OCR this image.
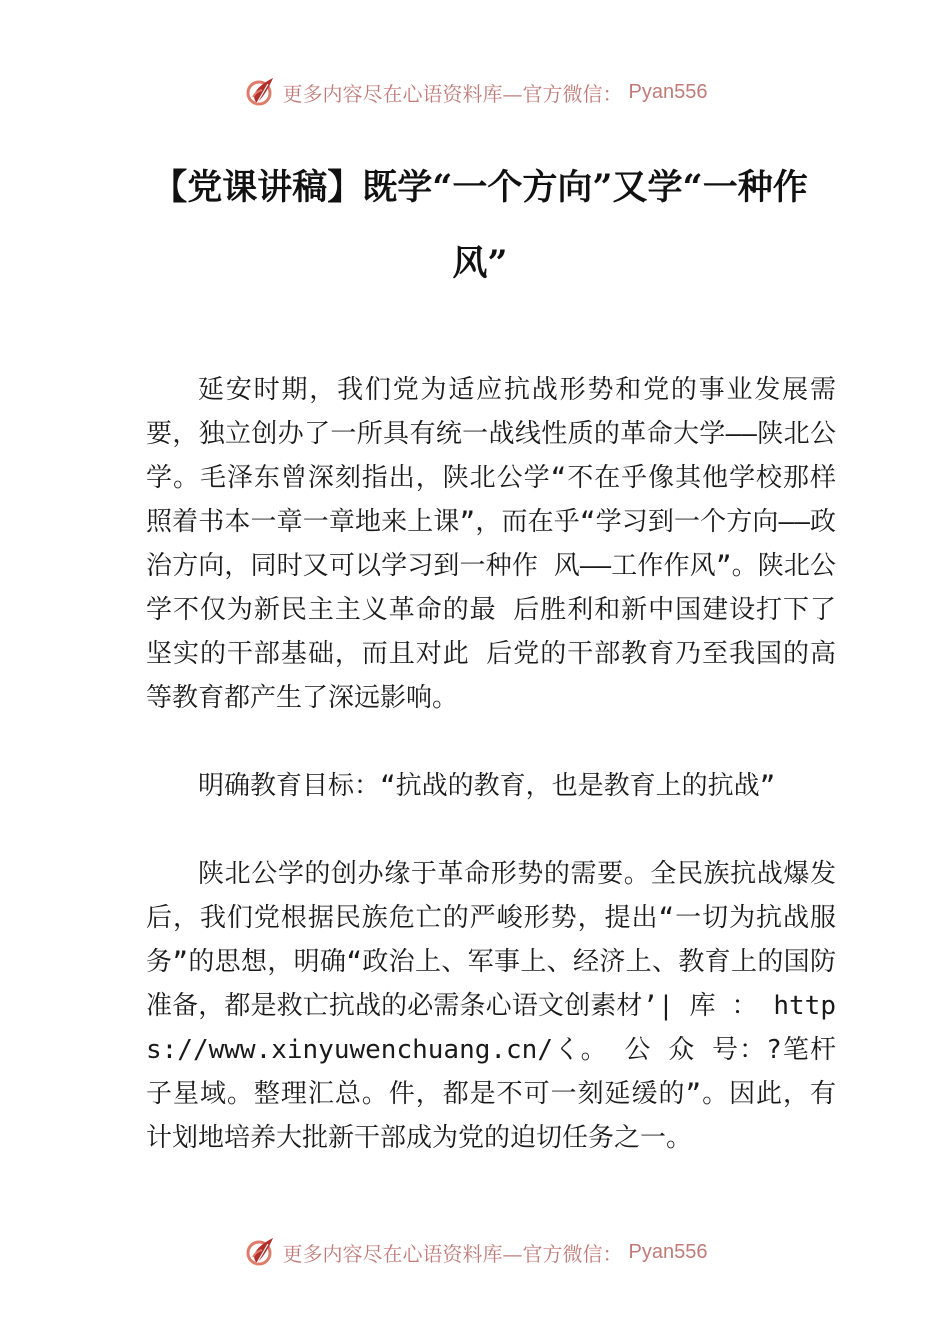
更多内容尽在心语资料库—官方微信： Pyan556
【党课讲稿】既学“一个方向”又学“一种作风”

延安时期，我们党为适应抗战形势和党的事业发展需要，独立创办了一所具有统一战线性质的革命大学——陕北公学。毛泽东曾深刻指出，陕北公学“不在乎像其他学校那样照着书本一章一章地来上课”，而在乎“学习到一个方向——政治方向，同时又可以学习到一种作 风——工作作风”。陕北公学不仅为新民主主义革命的最 后胜利和新中国建设打下了坚实的干部基础，而且对此 后党的干部教育乃至我国的高等教育都产生了深远影响。

明确教育目标：“抗战的教育，也是教育上的抗战”

陕北公学的创办缘于革命形势的需要。全民族抗战爆发后，我们党根据民族危亡的严峻形势，提出“一切为抗战服务”的思想，明确“政治上、军事上、经济上、教育上的国防准备，都是救亡抗战的必需条心语文创素材’| 库 ： https://www.xinyuwenchuang.cn/く。 公 众 号：?笔杆子星域。整理汇总。件，都是不可一刻延缓的”。因此，有计划地培养大批新干部成为党的迫切任务之一。

更多内容尽在心语资料库—官方微信： Pyan556
